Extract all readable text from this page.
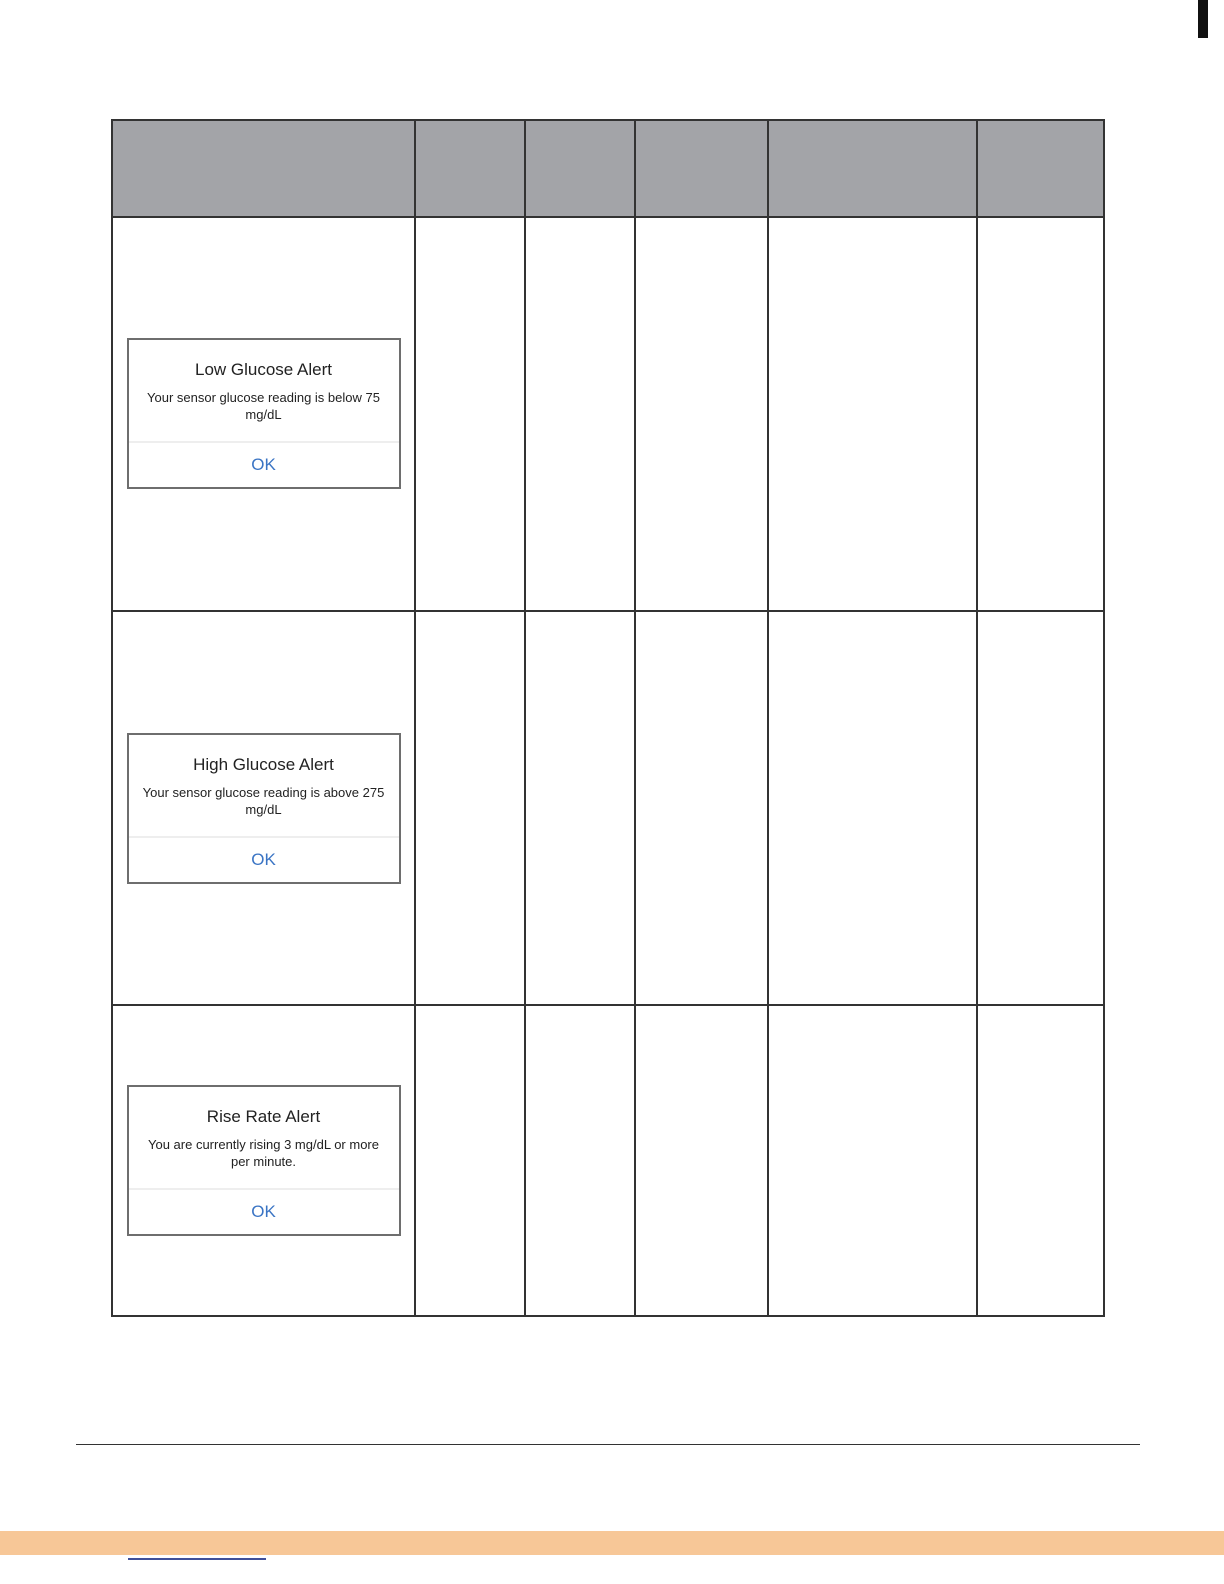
Low Glucose Alert
Your sensor glucose reading is below 75 mg/dL
OK					

High Glucose Alert
Your sensor glucose reading is above 275 mg/dL
OK					

Rise Rate Alert
You are currently rising 3 mg/dL or more per minute.
OK					
